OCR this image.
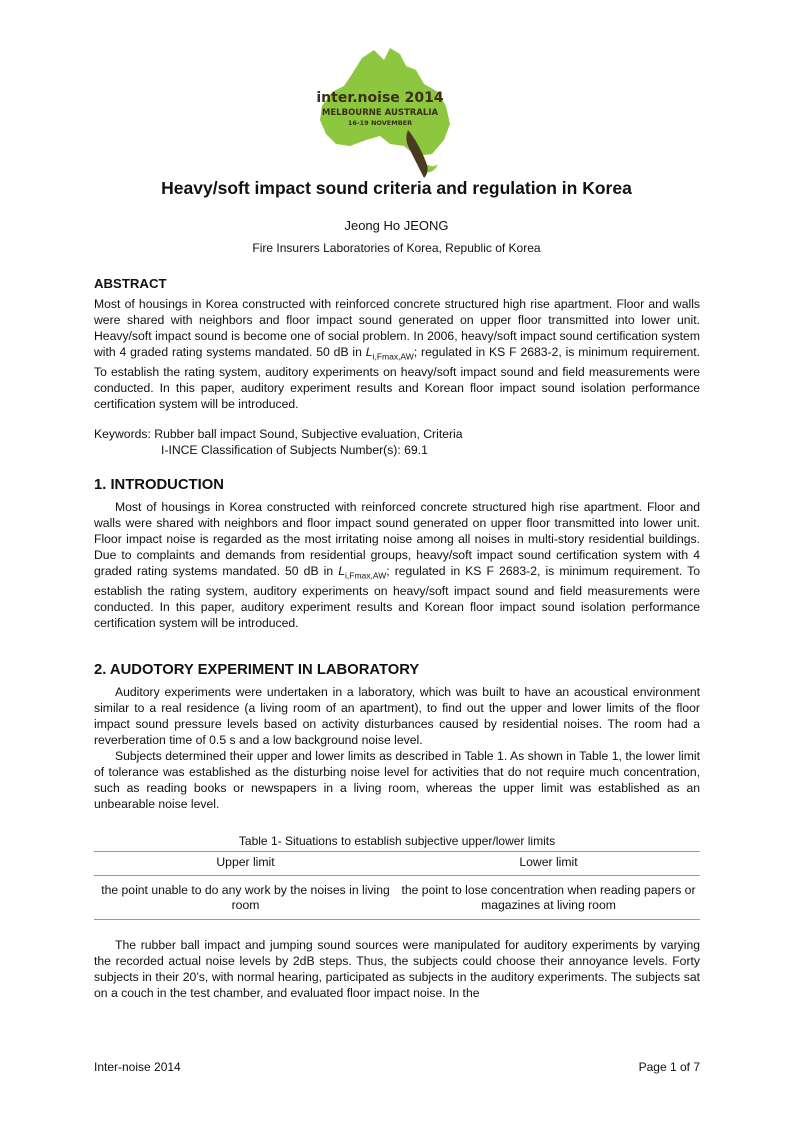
inter.noise 2014
MELBOURNE AUSTRALIA
16-19 NOVEMBER
Heavy/soft impact sound criteria and regulation in Korea
Jeong Ho JEONG
Fire Insurers Laboratories of Korea, Republic of Korea
ABSTRACT
Most of housings in Korea constructed with reinforced concrete structured high rise apartment. Floor and walls were shared with neighbors and floor impact sound generated on upper floor transmitted into lower unit. Heavy/soft impact sound is become one of social problem. In 2006, heavy/soft impact sound certification system with 4 graded rating systems mandated. 50 dB in $L_{i,Fmax,AW}$; regulated in KS F 2683-2, is minimum requirement. To establish the rating system, auditory experiments on heavy/soft impact sound and field measurements were conducted. In this paper, auditory experiment results and Korean floor impact sound isolation performance certification system will be introduced.
Keywords: Rubber ball impact Sound, Subjective evaluation, Criteria
I-INCE Classification of Subjects Number(s): 69.1
1. INTRODUCTION
Most of housings in Korea constructed with reinforced concrete structured high rise apartment. Floor and walls were shared with neighbors and floor impact sound generated on upper floor transmitted into lower unit. Floor impact noise is regarded as the most irritating noise among all noises in multi-story residential buildings. Due to complaints and demands from residential groups, heavy/soft impact sound certification system with 4 graded rating systems mandated. 50 dB in $L_{i,Fmax,AW}$; regulated in KS F 2683-2, is minimum requirement. To establish the rating system, auditory experiments on heavy/soft impact sound and field measurements were conducted. In this paper, auditory experiment results and Korean floor impact sound isolation performance certification system will be introduced.
2. AUDOTORY EXPERIMENT IN LABORATORY
Auditory experiments were undertaken in a laboratory, which was built to have an acoustical environment similar to a real residence (a living room of an apartment), to find out the upper and lower limits of the floor impact sound pressure levels based on activity disturbances caused by residential noises. The room had a reverberation time of 0.5 s and a low background noise level.
Subjects determined their upper and lower limits as described in Table 1. As shown in Table 1, the lower limit of tolerance was established as the disturbing noise level for activities that do not require much concentration, such as reading books or newspapers in a living room, whereas the upper limit was established as an unbearable noise level.
Table 1- Situations to establish subjective upper/lower limits
Upper limit	Lower limit
the point unable to do any work by the noises in living room	the point to lose concentration when reading papers or magazines at living room
The rubber ball impact and jumping sound sources were manipulated for auditory experiments by varying the recorded actual noise levels by 2dB steps. Thus, the subjects could choose their annoyance levels. Forty subjects in their 20’s, with normal hearing, participated as subjects in the auditory experiments. The subjects sat on a couch in the test chamber, and evaluated floor impact noise. In the
Inter-noise 2014	Page 1 of 7
